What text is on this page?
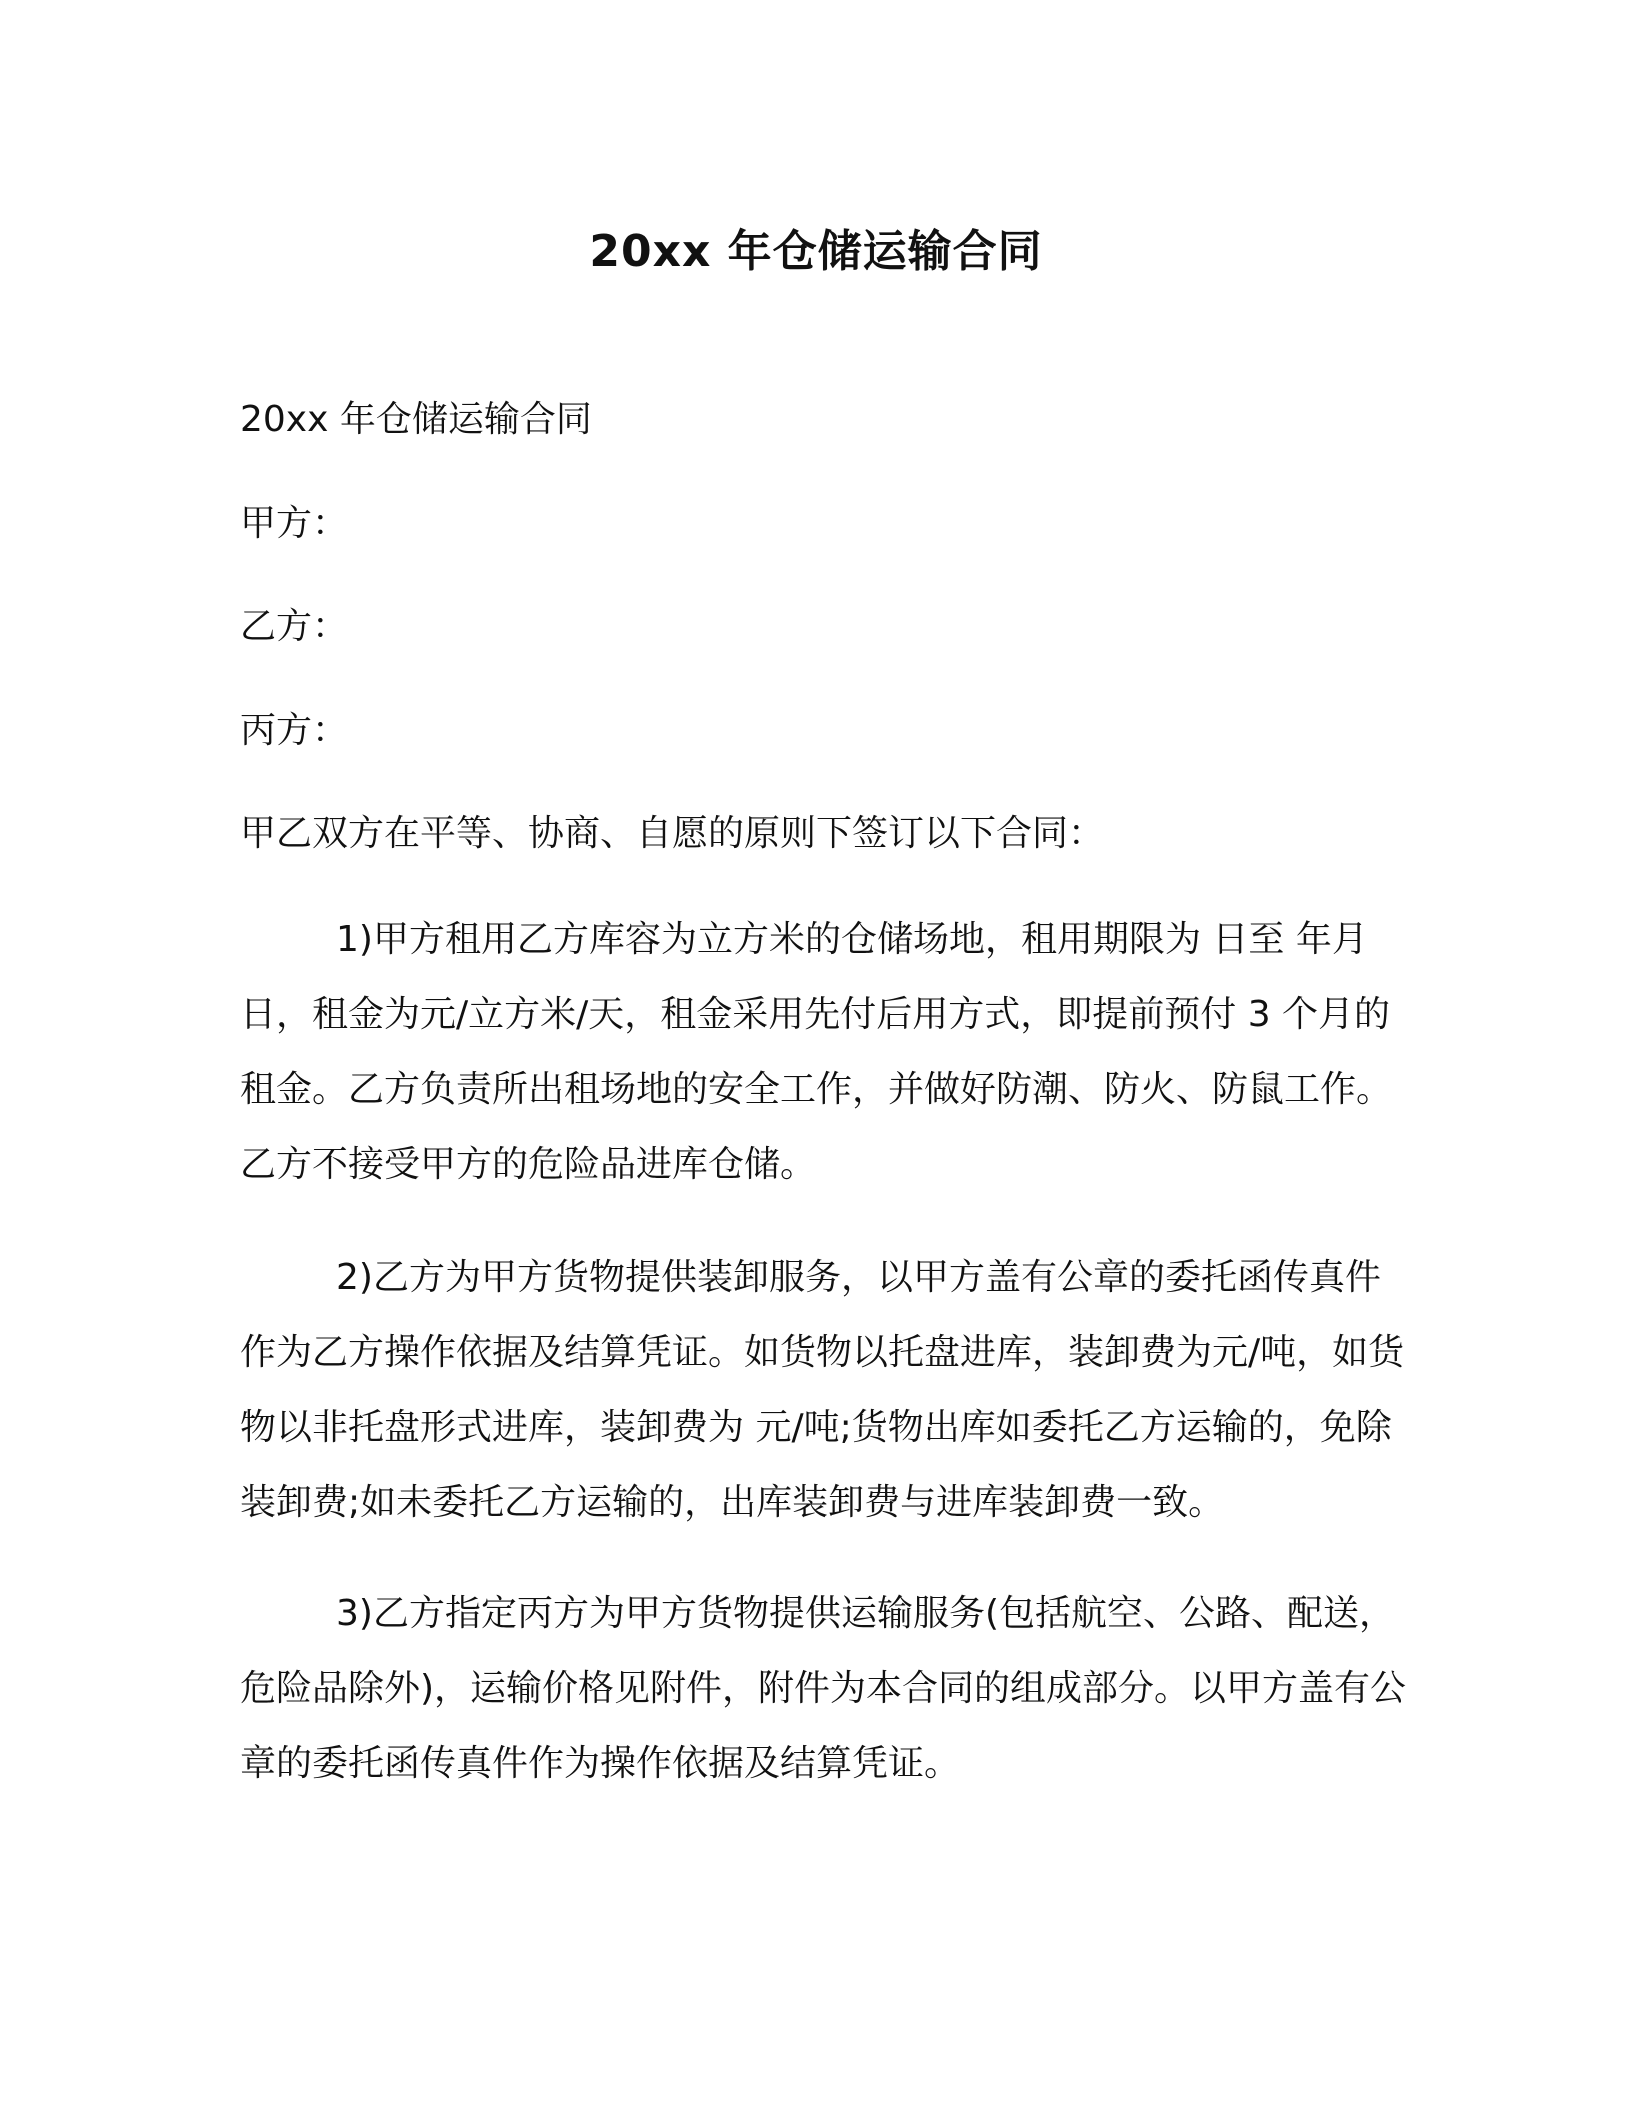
20xx 年仓储运输合同
20xx 年仓储运输合同
甲方：
乙方：
丙方：
甲乙双方在平等、协商、自愿的原则下签订以下合同：

1)甲方租用乙方库容为立方米的仓储场地，租用期限为 日至 年月 日，租金为元/立方米/天，租金采用先付后用方式，即提前预付 3 个月的租金。乙方负责所出租场地的安全工作，并做好防潮、防火、防鼠工作。乙方不接受甲方的危险品进库仓储。

2)乙方为甲方货物提供装卸服务，以甲方盖有公章的委托函传真件作为乙方操作依据及结算凭证。如货物以托盘进库，装卸费为元/吨，如货物以非托盘形式进库，装卸费为 元/吨;货物出库如委托乙方运输的，免除装卸费;如未委托乙方运输的，出库装卸费与进库装卸费一致。

3)乙方指定丙方为甲方货物提供运输服务(包括航空、公路、配送，危险品除外)，运输价格见附件，附件为本合同的组成部分。以甲方盖有公章的委托函传真件作为操作依据及结算凭证。
